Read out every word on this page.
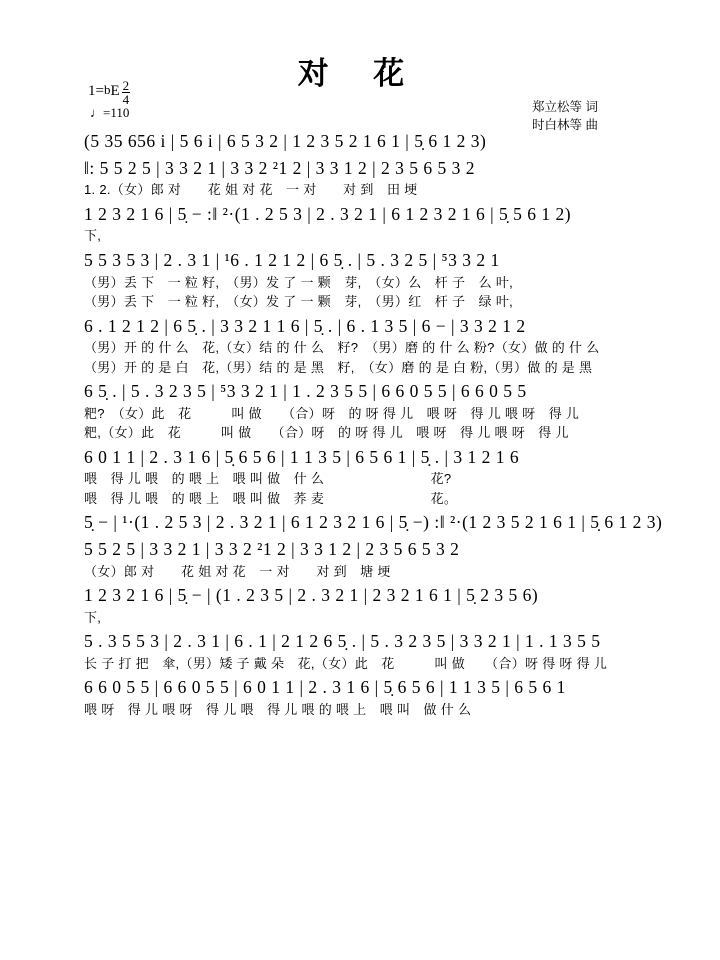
对 花
1= b E $\frac{2}{4}$
♩=110	郑立松等 词
时白林等 曲
(5 35 656 i | 5 6 i | 6 5 3 2 | 1 2 3 5 2 1 6 1 | 5̣ 6 1 2 3)
‖: 5 5 2 5 | 3 3 2 1 | 3 3 2 ²1 2 | 3 3 1 2 | 2 3 5 6 5 3 2
1. 2.（女）郎 对　　花 姐 对 花　一 对　　对 到　田 埂
1 2 3 2 1 6 | 5̣ − :‖ ²·(1 . 2 5 3 | 2 . 3 2 1 | 6 1 2 3 2 1 6 | 5̣ 5 6 1 2)
下,
5 5 3 5 3 | 2 . 3 1 | ¹6 . 1 2 1 2 | 6 5̣ . | 5 . 3 2 5 | ⁵3 3 2 1
（男）丢 下　一 粒 籽,　（男）发 了 一 颗　芽,　（女）么　杆 子　么 叶,
（男）丢 下　一 粒 籽,　（女）发 了 一 颗　芽,　（男）红　杆 子　绿 叶,
6 . 1 2 1 2 | 6 5̣ . | 3 3 2 1 1 6 | 5̣ . | 6 . 1 3 5 | 6 − | 3 3 2 1 2
（男）开 的 什 么　花,（女）结 的 什 么　籽?　（男）磨 的 什 么 粉?（女）做 的 什 么
（男）开 的 是 白　花,（男）结 的 是 黑　籽,　（女）磨 的 是 白 粉,（男）做 的 是 黑
6 5̣ . | 5 . 3 2 3 5 | ⁵3 3 2 1 | 1 . 2 3 5 5 | 6 6 0 5 5 | 6 6 0 5 5
粑?　（女）此　花　　　叫 做　　（合）呀　的 呀 得 儿　喂 呀　得 儿 喂 呀　得 儿
粑,（女）此　花　　　叫 做　　（合）呀　的 呀 得 儿　喂 呀　得 儿 喂 呀　得 儿
6 0 1 1 | 2 . 3 1 6 | 5̣ 6 5 6 | 1 1 3 5 | 6 5 6 1 | 5̣ . | 3 1 2 1 6
喂　得 儿 喂　的 喂 上　喂 叫 做　什 么　　　　　　　　花?
喂　得 儿 喂　的 喂 上　喂 叫 做　荞 麦　　　　　　　　花。
5̣ − | ¹·(1 . 2 5 3 | 2 . 3 2 1 | 6 1 2 3 2 1 6 | 5̣ −) :‖ ²·(1 2 3 5 2 1 6 1 | 5̣ 6 1 2 3)
5 5 2 5 | 3 3 2 1 | 3 3 2 ²1 2 | 3 3 1 2 | 2 3 5 6 5 3 2
（女）郎 对　　花 姐 对 花　一 对　　对 到　塘 埂
1 2 3 2 1 6 | 5̣ − | (1 . 2 3 5 | 2 . 3 2 1 | 2 3 2 1 6 1 | 5̣ 2 3 5 6)
下,
5 . 3 5 5 3 | 2 . 3 1 | 6 . 1 | 2 1 2 6 5̣ . | 5 . 3 2 3 5 | 3 3 2 1 | 1 . 1 3 5 5
长 子 打 把　傘,（男）矮 子 戴 朵　花,（女）此　花　　　叫 做　　（合）呀 得 呀 得 儿
6 6 0 5 5 | 6 6 0 5 5 | 6 0 1 1 | 2 . 3 1 6 | 5̣ 6 5 6 | 1 1 3 5 | 6 5 6 1
喂 呀　得 儿 喂 呀　得 儿 喂　得 儿 喂 的 喂 上　喂 叫　做 什 么
